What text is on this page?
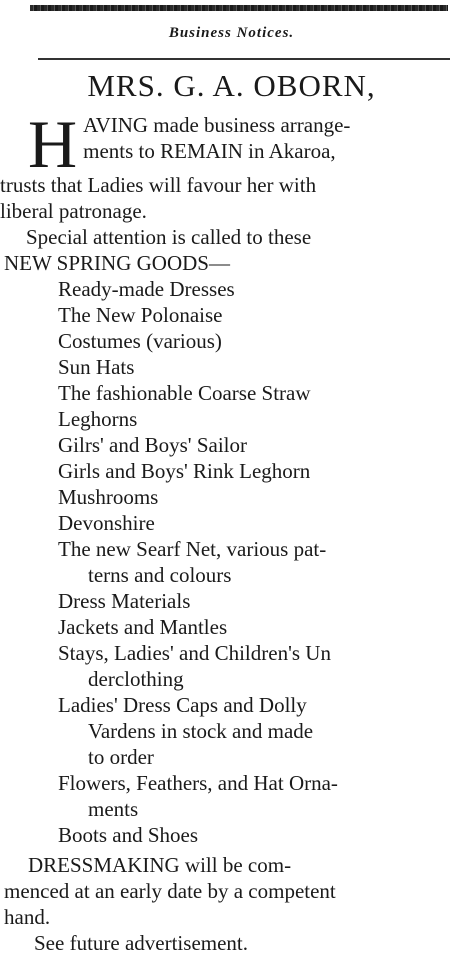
Business Notices.
MRS. G. A. OBORN,
H AVING made business arrange-
ments to REMAIN in Akaroa,
trusts that Ladies will favour her with
liberal patronage.
Special attention is called to these
NEW SPRING GOODS—
Ready-made Dresses
The New Polonaise
Costumes (various)
Sun Hats
The fashionable Coarse Straw
Leghorns
Gilrs' and Boys' Sailor
Girls and Boys' Rink Leghorn
Mushrooms
Devonshire
The new Searf Net, various pat-
terns and colours
Dress Materials
Jackets and Mantles
Stays, Ladies' and Children's Un
derclothing
Ladies' Dress Caps and Dolly
Vardens in stock and made
to order
Flowers, Feathers, and Hat Orna-
ments
Boots and Shoes
DRESSMAKING will be com-
menced at an early date by a competent
hand.
See future advertisement.
